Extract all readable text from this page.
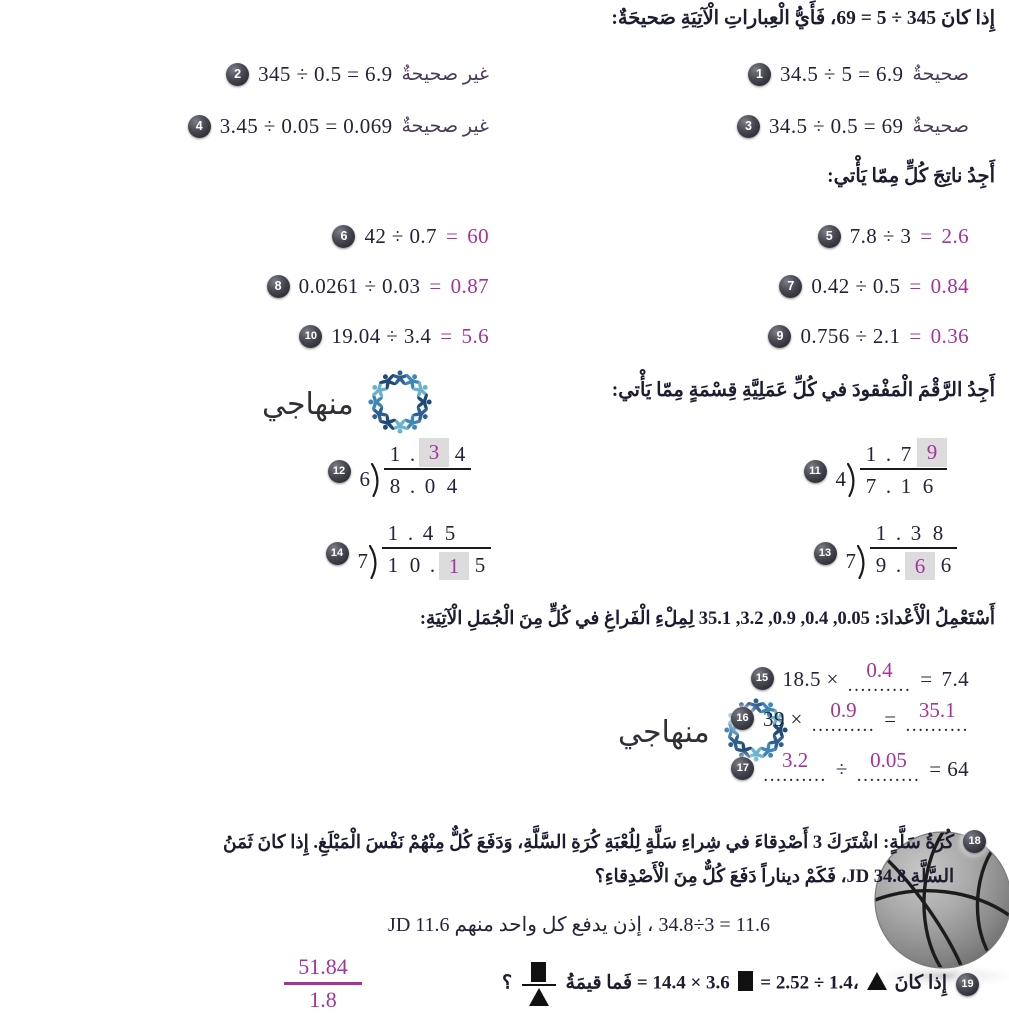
إِذا كانَ 345 ÷ 5 = 69، فَأَيُّ الْعِباراتِ الْآتِيَةِ صَحيحَةٌ:
2 345 ÷ 0.5 = 6.9 غير صحيحةٌ	1 34.5 ÷ 5 = 6.9 صحيحةٌ
4 3.45 ÷ 0.05 = 0.069 غير صحيحةٌ	3 34.5 ÷ 0.5 = 69 صحيحةٌ
أَجِدُ ناتِجَ كُلٍّ مِمّا يَأْتي:
6 42 ÷ 0.7 = 60	5 7.8 ÷ 3 = 2.6
8 0.0261 ÷ 0.03 = 0.87	7 0.42 ÷ 0.5 = 0.84
10 19.04 ÷ 3.4 = 5.6	9 0.756 ÷ 2.1 = 0.36
أَجِدُ الرَّقْمَ الْمَفْقودَ في كُلِّ عَمَلِيَّةِ قِسْمَةٍ مِمّا يَأْتي:
منهاجي
12 6
1 . 3 4
8 . 0 4
11 4
1 . 7 9
7 . 1 6
14 7
1 . 4 5
1 0 . 1 5	13 7
1 . 3 8
9 . 6 6
أَسْتَعْمِلُ الْأَعْدادَ: 0.05, 0.4, 0.9, 3.2, 35.1 لِمِلْءِ الْفَراغِ في كُلٍّ مِنَ الْجُمَلِ الْآتِيَةِ:
منهاجي
15 18.5 × 0.4
.......... = 7.4
16 39 × 0.9
.......... = 35.1
..........
17 3.2
.......... ÷ 0.05
.......... = 64
18
كُرَةُ سَلَّةٍ: اشْتَرَكَ 3 أَصْدِقاءَ في شِراءِ سَلَّةٍ لِلُعْبَةِ كُرَةِ السَّلَّةِ، وَدَفَعَ كُلٌّ مِنْهُمْ نَفْسَ الْمَبْلَغِ. إِذا كانَ ثَمَنُ
السَّلَّةِ JD 34.8، فَكَمْ ديناراً دَفَعَ كُلٌّ مِنَ الْأَصْدِقاءِ؟
11.6 = 3÷34.8 ، إذن يدفع كل واحد منهم 11.6 JD
19
إِذا كانَ  = 2.52 ÷ 1.4،  = 14.4 × 3.6 فَما قيمَةُ
؟
51.84
1.8
